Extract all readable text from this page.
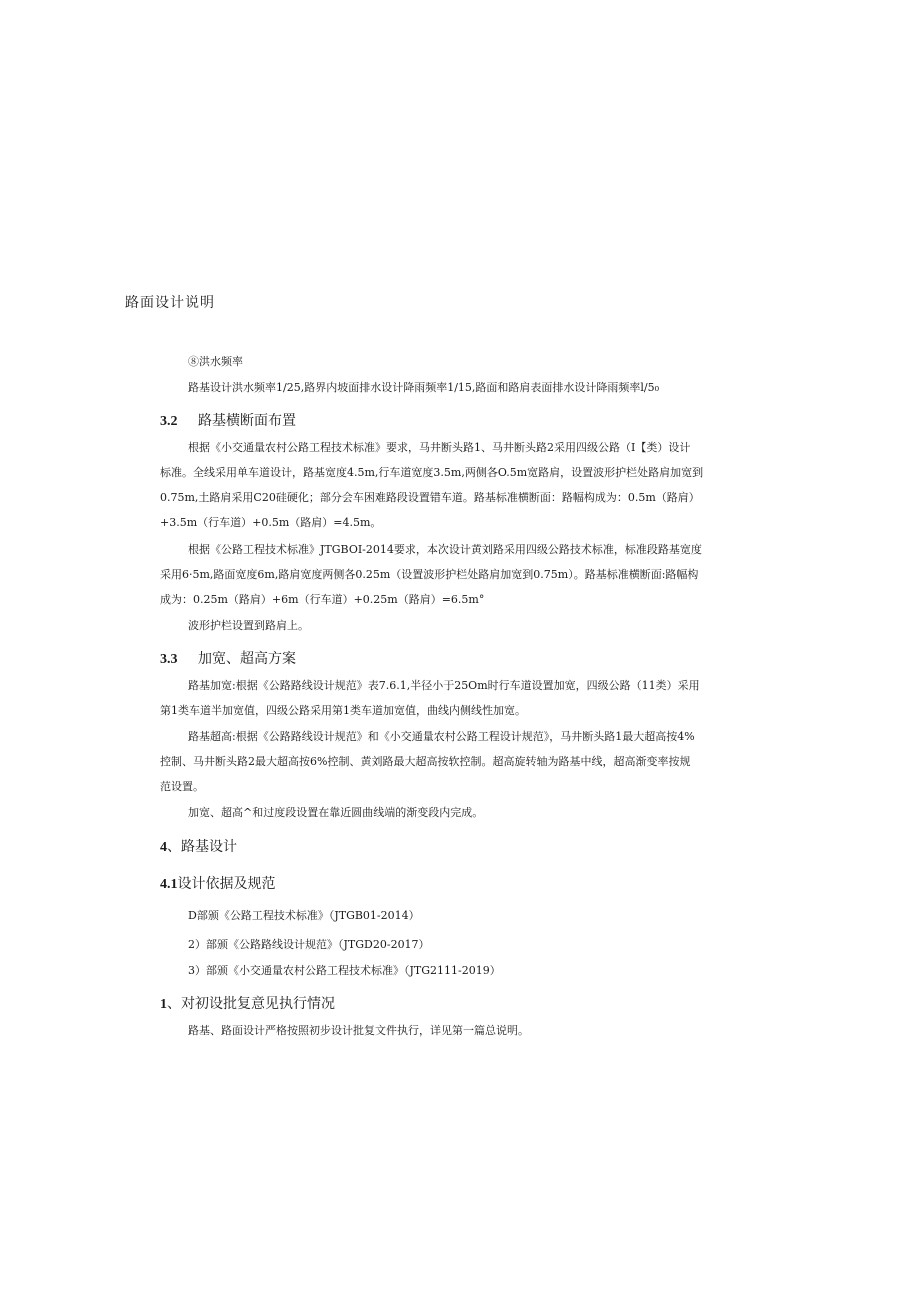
路面设计说明
⑧洪水频率
路基设计洪水频率1/25,路界内坡面排水设计降雨频率1/15,路面和路肩表面排水设计降雨频率l/5₀
3.2 路基横断面布置
根据《小交通量农村公路工程技术标准》要求，马井断头路1、马井断头路2采用四级公路（I【类）设计
标准。全线采用单车道设计，路基宽度4.5m,行车道宽度3.5m,两侧各O.5m宽路肩，设置波形护栏处路肩加宽到
0.75m,土路肩采用C20硅硬化；部分会车困难路段设置错车道。路基标准横断面：路幅构成为：0.5m（路肩）
+3.5m（行车道）+0.5m（路肩）=4.5m。
根据《公路工程技术标准》JTGBOI-2014要求，本次设计黄刘路采用四级公路技术标准，标准段路基宽度
采用6·5m,路面宽度6m,路肩宽度两侧各0.25m（设置波形护栏处路肩加宽到0.75m）。路基标准横断面:路幅构
成为：0.25m（路肩）+6m（行车道）+0.25m（路肩）=6.5m°
波形护栏设置到路肩上。
3.3 加宽、超高方案
路基加宽:根据《公路路线设计规范》表7.6.1,半径小于25Om时行车道设置加宽，四级公路（11类）采用
第1类车道半加宽值，四级公路采用第1类车道加宽值，曲线内侧线性加宽。
路基超高:根据《公路路线设计规范》和《小交通量农村公路工程设计规范》，马井断头路1最大超高按4%
控制、马井断头路2最大超高按6%控制、黄刘路最大超高按软控制。超高旋转轴为路基中线，超高渐变率按规
范设置。
加宽、超高^和过度段设置在靠近圆曲线端的渐变段内完成。
4、路基设计
4.1设计依据及规范
D部颁《公路工程技术标准》（JTGB01-2014）
2）部颁《公路路线设计规范》（JTGD20-2017）
3）部颁《小交通量农村公路工程技术标准》（JTG2111-2019）
1、对初设批复意见执行情况
路基、路面设计严格按照初步设计批复文件执行，详见第一篇总说明。
